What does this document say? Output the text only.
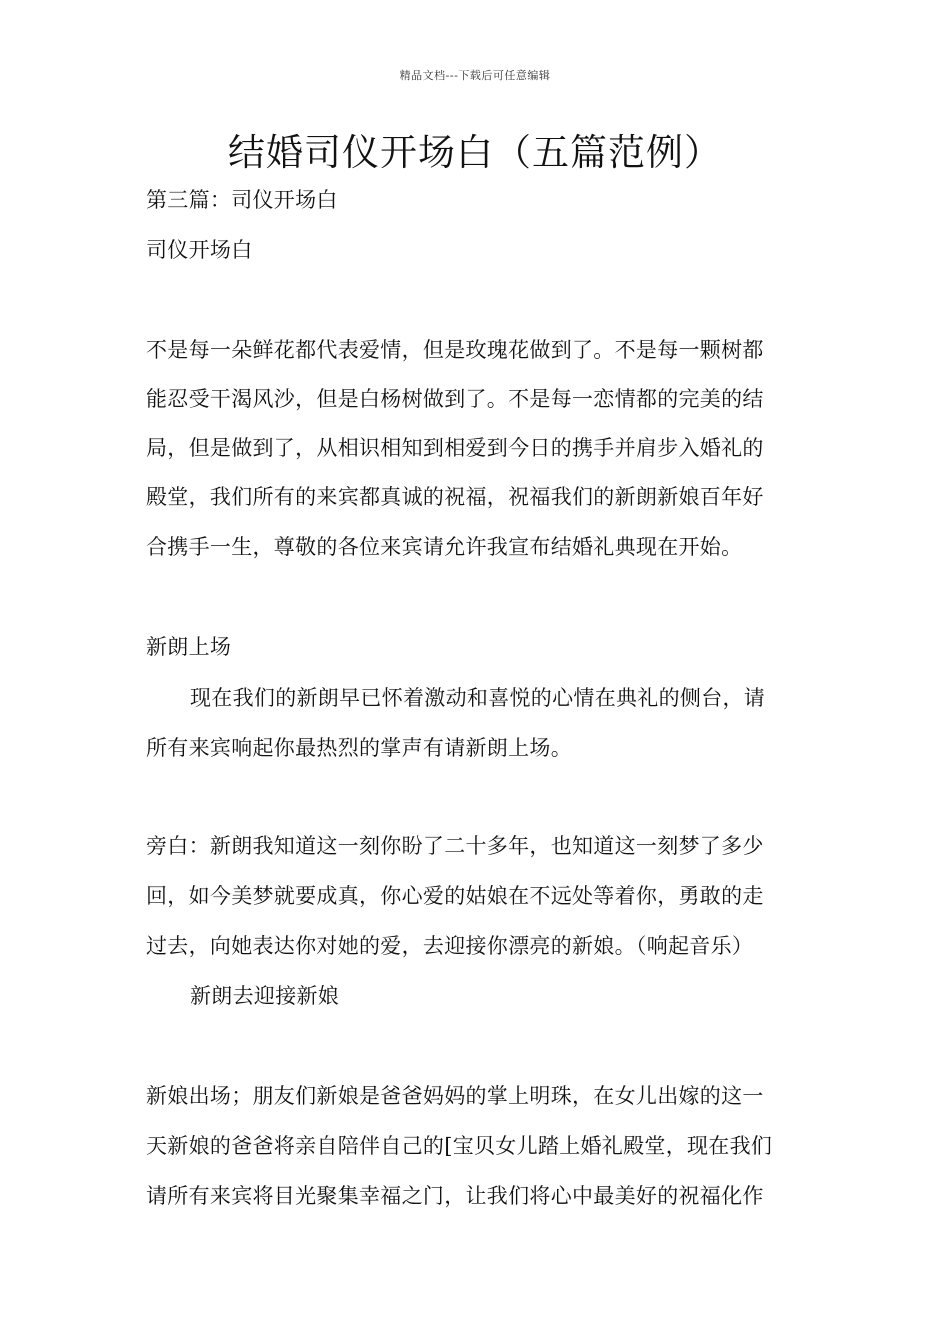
精品文档---下载后可任意编辑
结婚司仪开场白（五篇范例）
第三篇：司仪开场白
司仪开场白
不是每一朵鲜花都代表爱情，但是玫瑰花做到了。不是每一颗树都
能忍受干渴风沙，但是白杨树做到了。不是每一恋情都的完美的结
局，但是做到了，从相识相知到相爱到今日的携手并肩步入婚礼的
殿堂，我们所有的来宾都真诚的祝福，祝福我们的新朗新娘百年好
合携手一生，尊敬的各位来宾请允许我宣布结婚礼典现在开始。
新朗上场
现在我们的新朗早已怀着激动和喜悦的心情在典礼的侧台，请
所有来宾响起你最热烈的掌声有请新朗上场。
旁白：新朗我知道这一刻你盼了二十多年，也知道这一刻梦了多少
回，如今美梦就要成真，你心爱的姑娘在不远处等着你，勇敢的走
过去，向她表达你对她的爱，去迎接你漂亮的新娘。（响起音乐）
新朗去迎接新娘
新娘出场；朋友们新娘是爸爸妈妈的掌上明珠，在女儿出嫁的这一
天新娘的爸爸将亲自陪伴自己的[宝贝女儿踏上婚礼殿堂，现在我们
请所有来宾将目光聚集幸福之门，让我们将心中最美好的祝福化作
